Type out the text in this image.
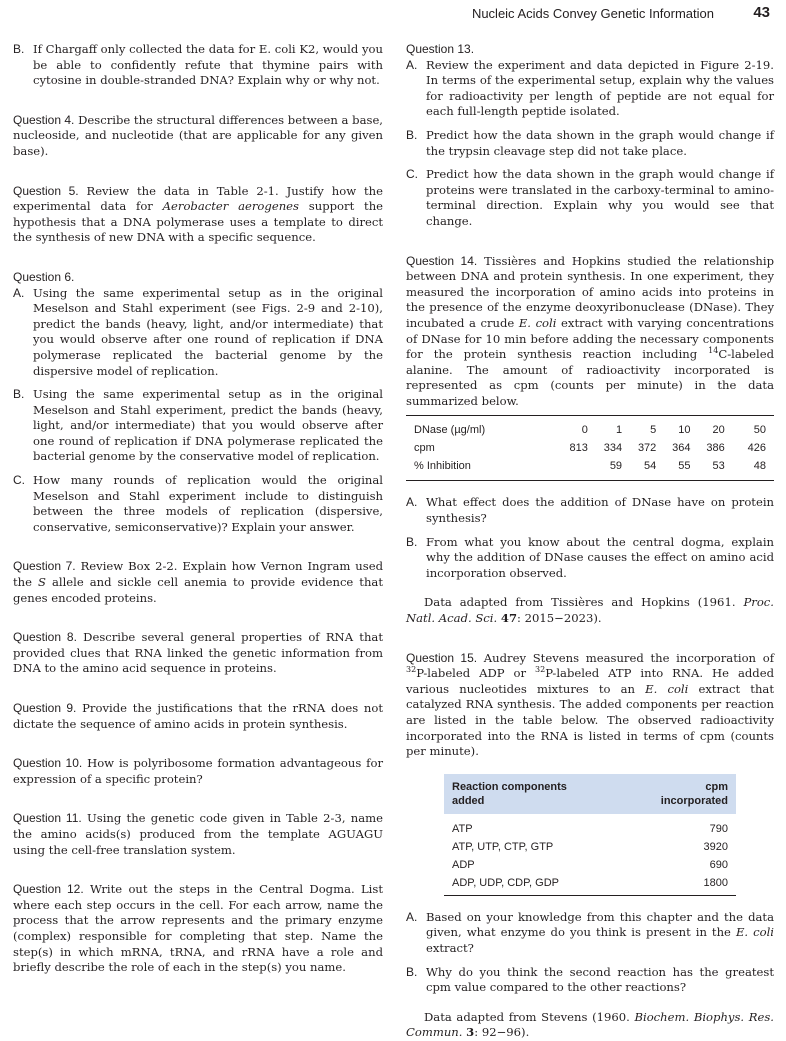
Nucleic Acids Convey Genetic Information	43
B. If Chargaff only collected the data for E. coli K2, would you be able to confidently refute that thymine pairs with cytosine in double-stranded DNA? Explain why or why not.
Question 4. Describe the structural differences between a base, nucleoside, and nucleotide (that are applicable for any given base).
Question 5. Review the data in Table 2-1. Justify how the experimental data for Aerobacter aerogenes support the hypothesis that a DNA polymerase uses a template to direct the synthesis of new DNA with a specific sequence.
Question 6.
A. Using the same experimental setup as in the original Meselson and Stahl experiment (see Figs. 2-9 and 2-10), predict the bands (heavy, light, and/or intermediate) that you would observe after one round of replication if DNA polymerase replicated the bacterial genome by the dispersive model of replication.
B. Using the same experimental setup as in the original Meselson and Stahl experiment, predict the bands (heavy, light, and/or intermediate) that you would observe after one round of replication if DNA polymerase replicated the bacterial genome by the conservative model of replication.
C. How many rounds of replication would the original Meselson and Stahl experiment include to distinguish between the three models of replication (dispersive, conservative, semiconservative)? Explain your answer.
Question 7. Review Box 2-2. Explain how Vernon Ingram used the S allele and sickle cell anemia to provide evidence that genes encoded proteins.
Question 8. Describe several general properties of RNA that provided clues that RNA linked the genetic information from DNA to the amino acid sequence in proteins.
Question 9. Provide the justifications that the rRNA does not dictate the sequence of amino acids in protein synthesis.
Question 10. How is polyribosome formation advantageous for expression of a specific protein?
Question 11. Using the genetic code given in Table 2-3, name the amino acids(s) produced from the template AGUAGU using the cell-free translation system.
Question 12. Write out the steps in the Central Dogma. List where each step occurs in the cell. For each arrow, name the process that the arrow represents and the primary enzyme (complex) responsible for completing that step. Name the step(s) in which mRNA, tRNA, and rRNA have a role and briefly describe the role of each in the step(s) you name.
Question 13.
A. Review the experiment and data depicted in Figure 2-19. In terms of the experimental setup, explain why the values for radioactivity per length of peptide are not equal for each full-length peptide isolated.
B. Predict how the data shown in the graph would change if the trypsin cleavage step did not take place.
C. Predict how the data shown in the graph would change if proteins were translated in the carboxy-terminal to amino-terminal direction. Explain why you would see that change.
Question 14. Tissières and Hopkins studied the relationship between DNA and protein synthesis. In one experiment, they measured the incorporation of amino acids into proteins in the presence of the enzyme deoxyribonuclease (DNase). They incubated a crude E. coli extract with varying concentrations of DNase for 10 min before adding the necessary components for the protein synthesis reaction including $^{14}$C-labeled alanine. The amount of radioactivity incorporated is represented as cpm (counts per minute) in the data summarized below.
DNase (µg/ml)	0	1	5	10	20	50
cpm	813	334	372	364	386	426
% Inhibition		59	54	55	53	48
A. What effect does the addition of DNase have on protein synthesis?
B. From what you know about the central dogma, explain why the addition of DNase causes the effect on amino acid incorporation observed.
Data adapted from Tissières and Hopkins (1961. Proc. Natl. Acad. Sci. 47: 2015−2023).
Question 15. Audrey Stevens measured the incorporation of $^{32}$P-labeled ADP or $^{32}$P-labeled ATP into RNA. He added various nucleotides mixtures to an E. coli extract that catalyzed RNA synthesis. The added components per reaction are listed in the table below. The observed radioactivity incorporated into the RNA is listed in terms of cpm (counts per minute).
Reaction components
added	cpm
incorporated
ATP	790
ATP, UTP, CTP, GTP	3920
ADP	690
ADP, UDP, CDP, GDP	1800
A. Based on your knowledge from this chapter and the data given, what enzyme do you think is present in the E. coli extract?
B. Why do you think the second reaction has the greatest cpm value compared to the other reactions?
Data adapted from Stevens (1960. Biochem. Biophys. Res. Commun. 3: 92−96).
